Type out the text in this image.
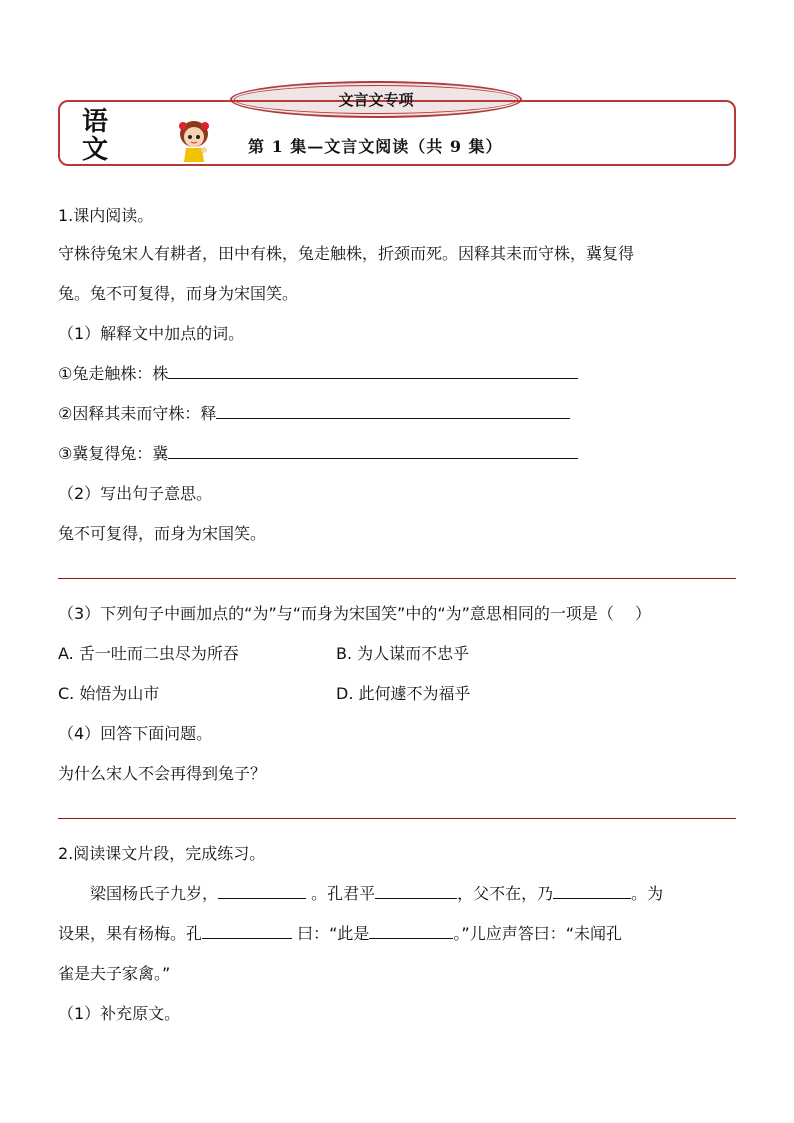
文言文专项
语
文	第 1 集—文言文阅读（共 9 集）
1.课内阅读。
守株待兔宋人有耕者，田中有株，兔走触株，折颈而死。因释其耒而守株，冀复得
兔。兔不可复得，而身为宋国笑。
（1）解释文中加点的词。
①兔走触株：株
②因释其耒而守株：释
③冀复得兔：冀
（2）写出句子意思。
兔不可复得，而身为宋国笑。
（3）下列句子中画加点的“为”与“而身为宋国笑”中的“为”意思相同的一项是（　 ）
A. 舌一吐而二虫尽为所吞	B. 为人谋而不忠乎
C. 始悟为山市	D. 此何遽不为福乎
（4）回答下面问题。
为什么宋人不会再得到兔子？
2.阅读课文片段，完成练习。
梁国杨氏子九岁，	。孔君平	，父不在，乃	。为
设果，果有杨梅。孔	曰：“此是	。”儿应声答曰：“未闻孔
雀是夫子家禽。”
（1）补充原文。
